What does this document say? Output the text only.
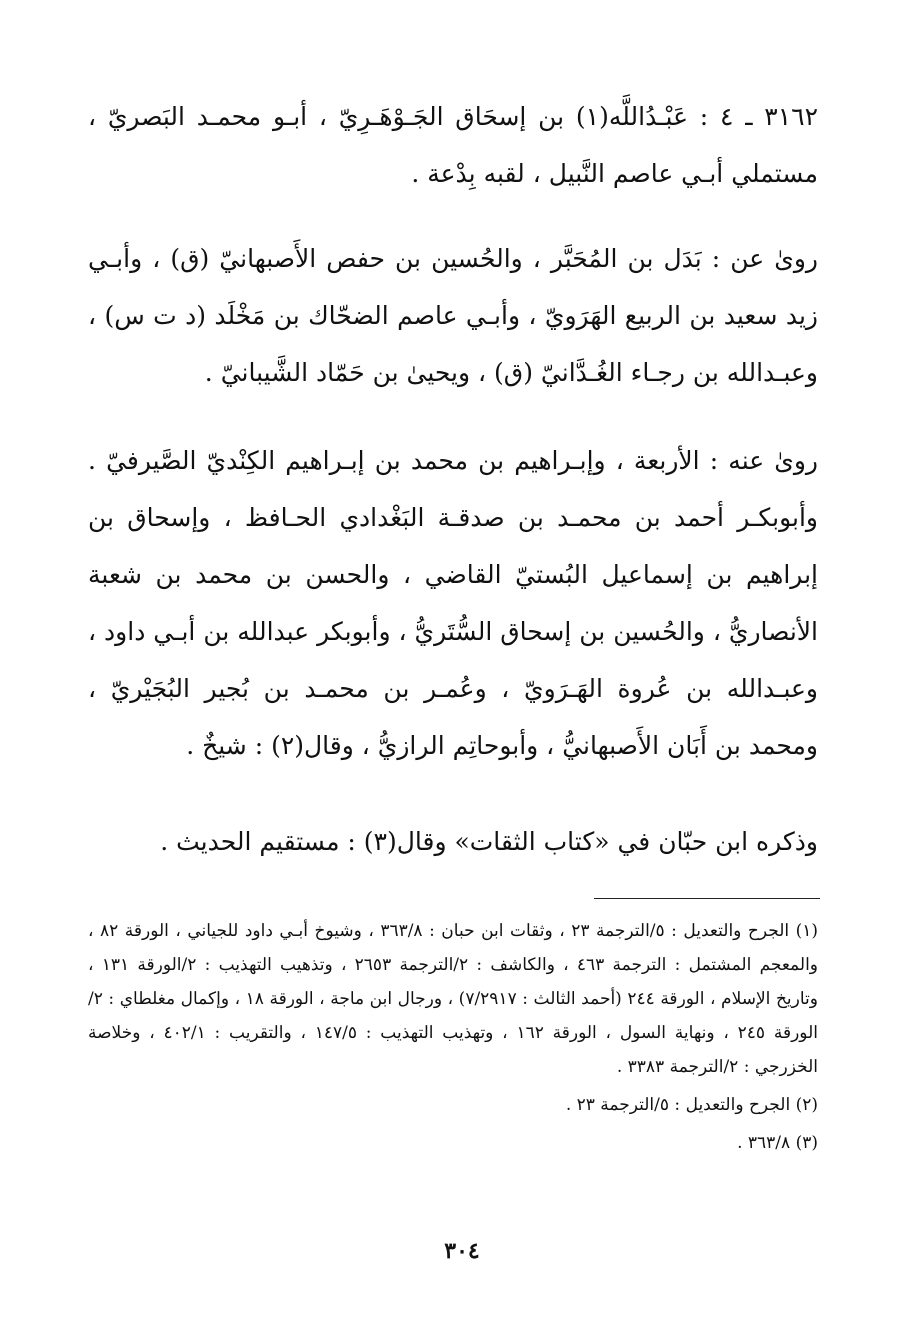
٣١٦٢ ـ ٤ : عَبْـدُاللَّه(١) بن إسحَاق الجَـوْهَـرِيّ ، أبـو محمـد البَصريّ ، مستملي أبـي عاصم النَّبيل ، لقبه بِدْعة .

روىٰ عن : بَدَل بن المُحَبَّر ، والحُسين بن حفص الأَصبهانيّ (ق) ، وأبـي زيد سعيد بن الربيع الهَرَويّ ، وأبـي عاصم الضحّاك بن مَخْلَد (د ت س) ، وعبـدالله بن رجـاء الغُـدَّانيّ (ق) ، ويحيىٰ بن حَمّاد الشَّيبانيّ .

روىٰ عنه : الأربعة ، وإبـراهيم بن محمد بن إبـراهيم الكِنْديّ الصَّيرفيّ . وأبوبكـر أحمد بن محمـد بن صدقـة البَغْدادي الحـافظ ، وإسحاق بن إبراهيم بن إسماعيل البُستيّ القاضي ، والحسن بن محمد بن شعبة الأنصاريُّ ، والحُسين بن إسحاق السُّتَريُّ ، وأبوبكر عبدالله بن أبـي داود ، وعبـدالله بن عُروة الهَـرَويّ ، وعُمـر بن محمـد بن بُجير البُجَيْريّ ، ومحمد بن أَبَان الأَصبهانيُّ ، وأبوحاتِم الرازيُّ ، وقال(٢) : شيخٌ .

وذكره ابن حبّان في «كتاب الثقات» وقال(٣) : مستقيم الحديث .

(١) الجرح والتعديل : ٥/الترجمة ٢٣ ، وثقات ابن حبان : ٣٦٣/٨ ، وشيوخ أبـي داود للجياني ، الورقة ٨٢ ، والمعجم المشتمل : الترجمة ٤٦٣ ، والكاشف : ٢/الترجمة ٢٦٥٣ ، وتذهيب التهذيب : ٢/الورقة ١٣١ ، وتاريخ الإسلام ، الورقة ٢٤٤ (أحمد الثالث : ٧/٢٩١٧) ، ورجال ابن ماجة ، الورقة ١٨ ، وإكمال مغلطاي : ٢/الورقة ٢٤٥ ، ونهاية السول ، الورقة ١٦٢ ، وتهذيب التهذيب : ١٤٧/٥ ، والتقريب : ٤٠٢/١ ، وخلاصة الخزرجي : ٢/الترجمة ٣٣٨٣ .

(٢) الجرح والتعديل : ٥/الترجمة ٢٣ .

(٣) ٣٦٣/٨ .

٣٠٤
